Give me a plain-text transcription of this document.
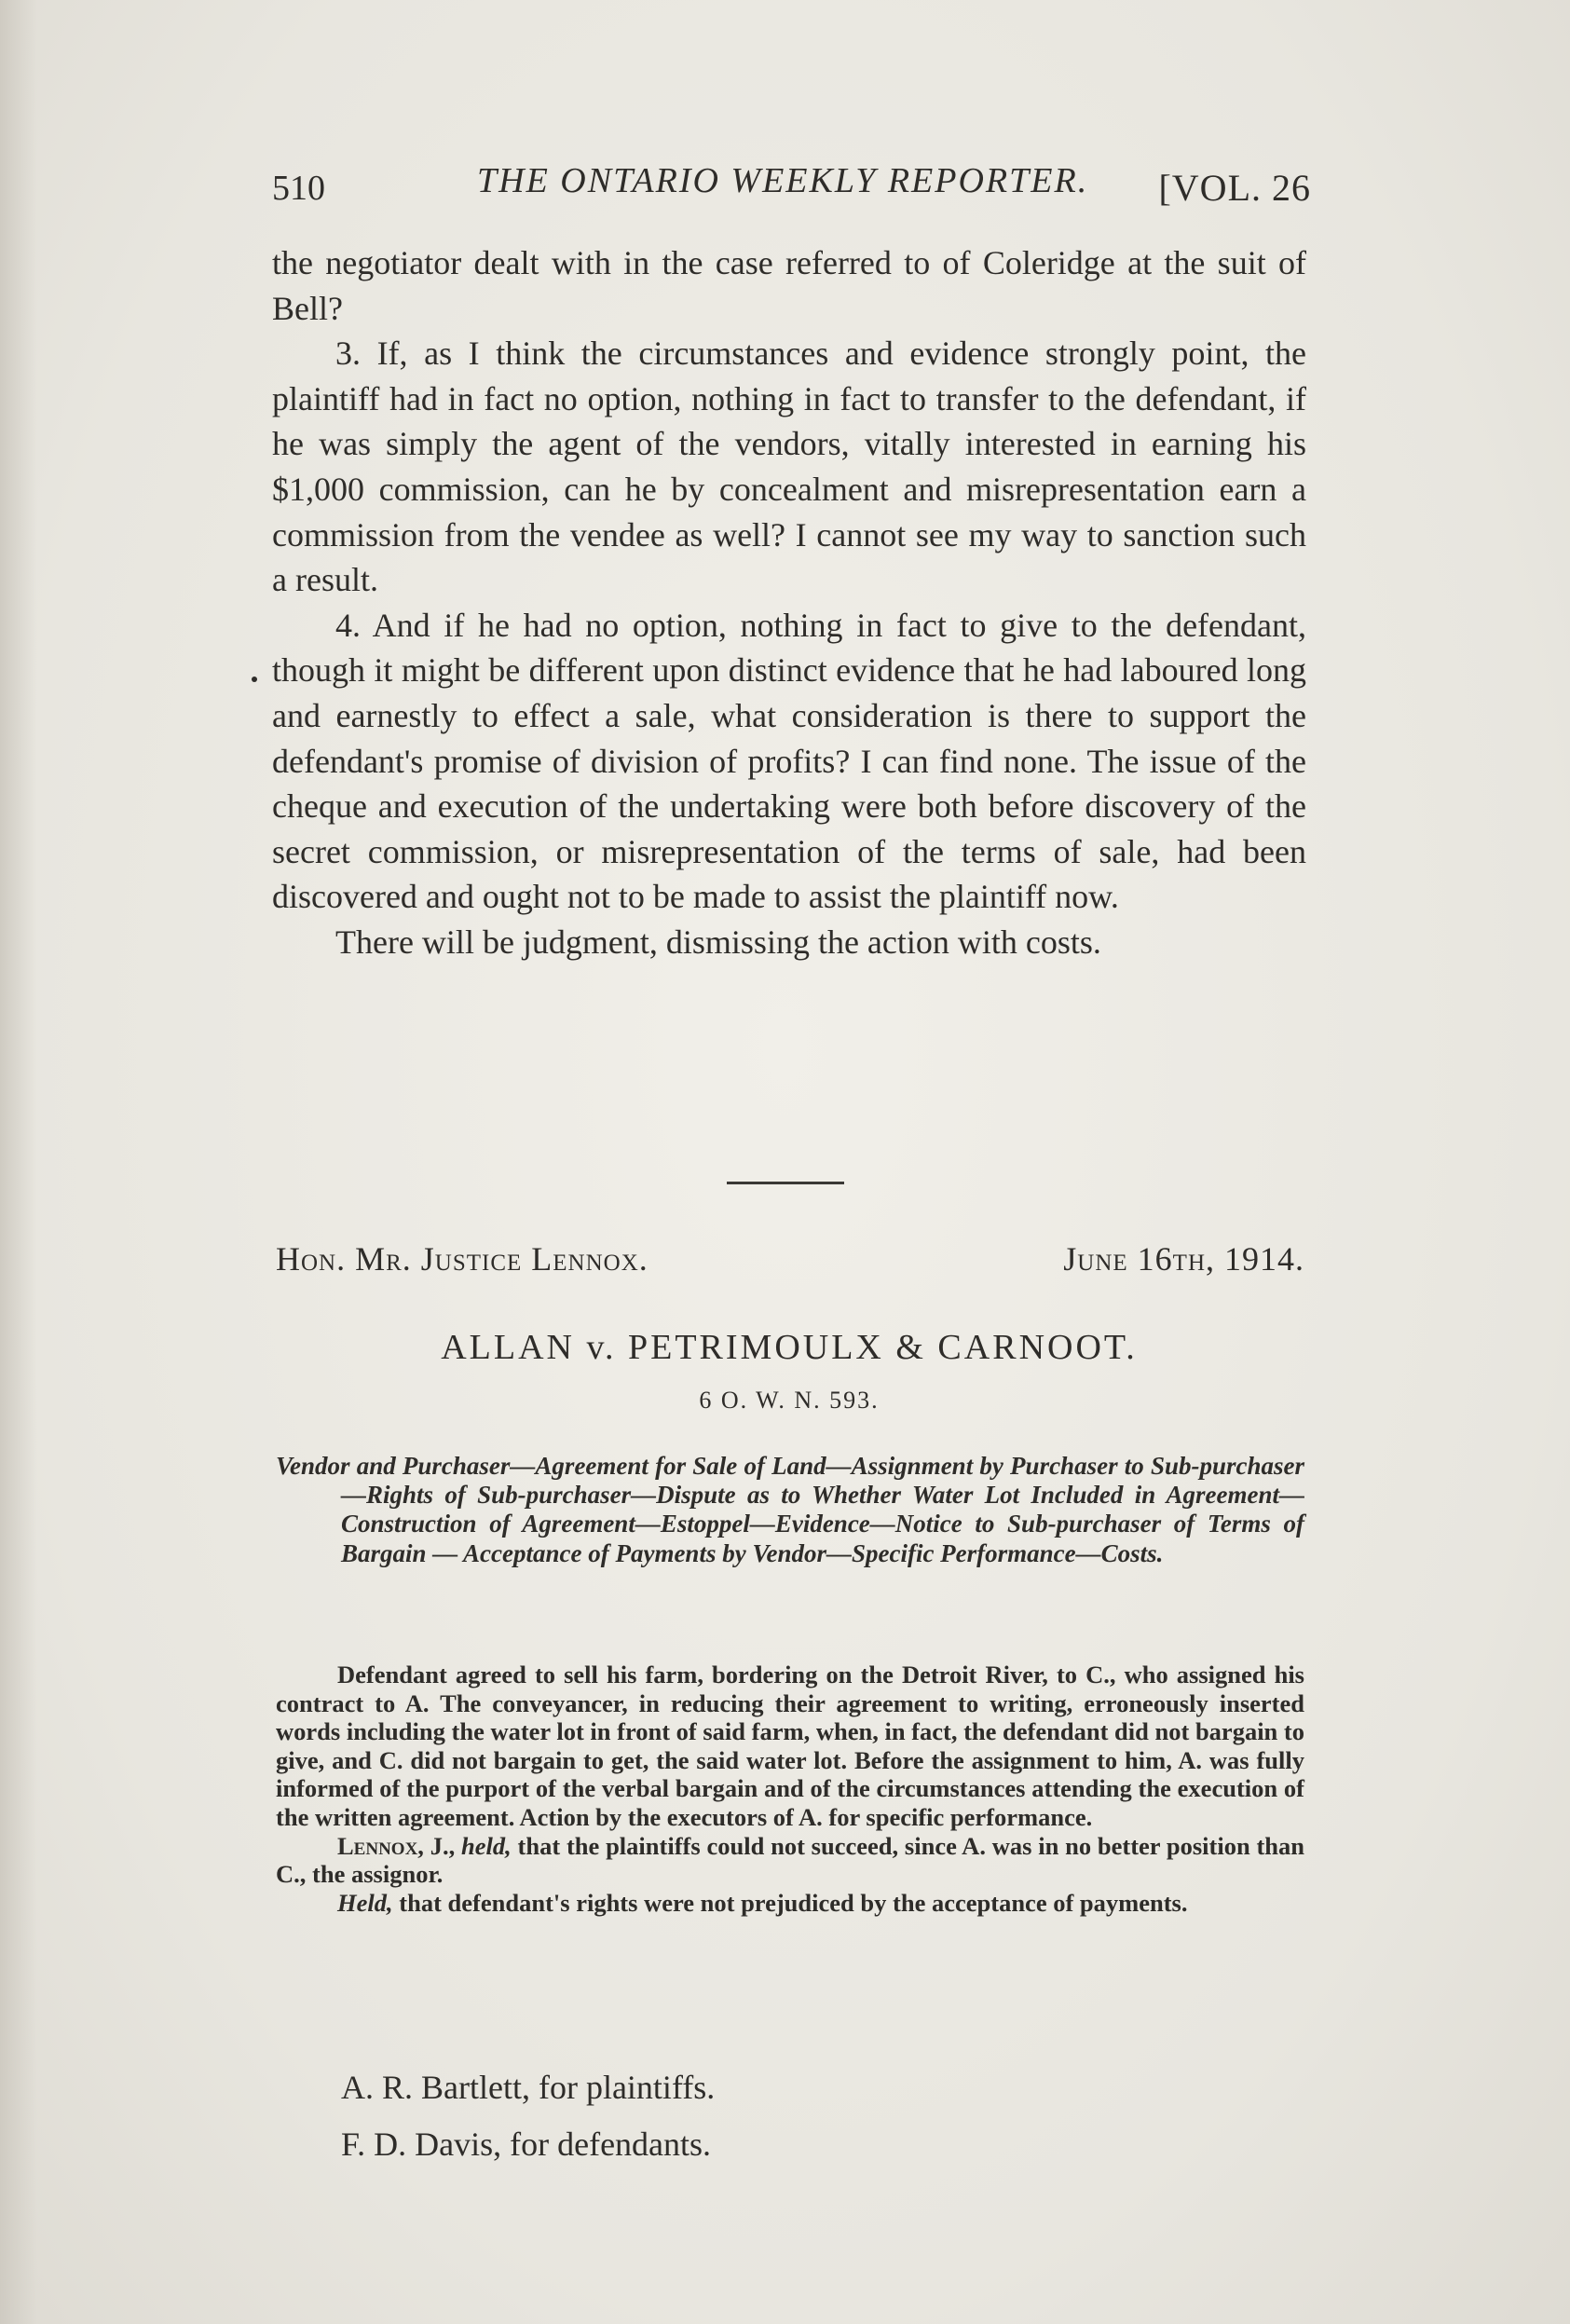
510	THE ONTARIO WEEKLY REPORTER. [VOL. 26

the negotiator dealt with in the case referred to of Coleridge at the suit of Bell?

3. If, as I think the circumstances and evidence strongly point, the plaintiff had in fact no option, nothing in fact to transfer to the defendant, if he was simply the agent of the vendors, vitally interested in earning his $1,000 commission, can he by concealment and misrepresentation earn a commission from the vendee as well? I cannot see my way to sanction such a result.

4. And if he had no option, nothing in fact to give to the defendant, though it might be different upon distinct evidence that he had laboured long and earnestly to effect a sale, what consideration is there to support the defendant's promise of division of profits? I can find none. The issue of the cheque and execution of the undertaking were both before discovery of the secret commission, or misrepresentation of the terms of sale, had been discovered and ought not to be made to assist the plaintiff now.

There will be judgment, dismissing the action with costs.

Hon. Mr. Justice Lennox.	June 16th, 1914.
ALLAN v. PETRIMOULX & CARNOOT.
6 O. W. N. 593.
Vendor and Purchaser—Agreement for Sale of Land—Assignment by Purchaser to Sub-purchaser—Rights of Sub-purchaser—Dispute as to Whether Water Lot Included in Agreement—Construction of Agreement—Estoppel—Evidence—Notice to Sub-purchaser of Terms of Bargain — Acceptance of Payments by Vendor—Specific Performance—Costs.

Defendant agreed to sell his farm, bordering on the Detroit River, to C., who assigned his contract to A. The conveyancer, in reducing their agreement to writing, erroneously inserted words including the water lot in front of said farm, when, in fact, the defendant did not bargain to give, and C. did not bargain to get, the said water lot. Before the assignment to him, A. was fully informed of the purport of the verbal bargain and of the circumstances attending the execution of the written agreement. Action by the executors of A. for specific performance.

Lennox, J., held, that the plaintiffs could not succeed, since A. was in no better position than C., the assignor.

Held, that defendant's rights were not prejudiced by the acceptance of payments.

A. R. Bartlett, for plaintiffs.

F. D. Davis, for defendants.
